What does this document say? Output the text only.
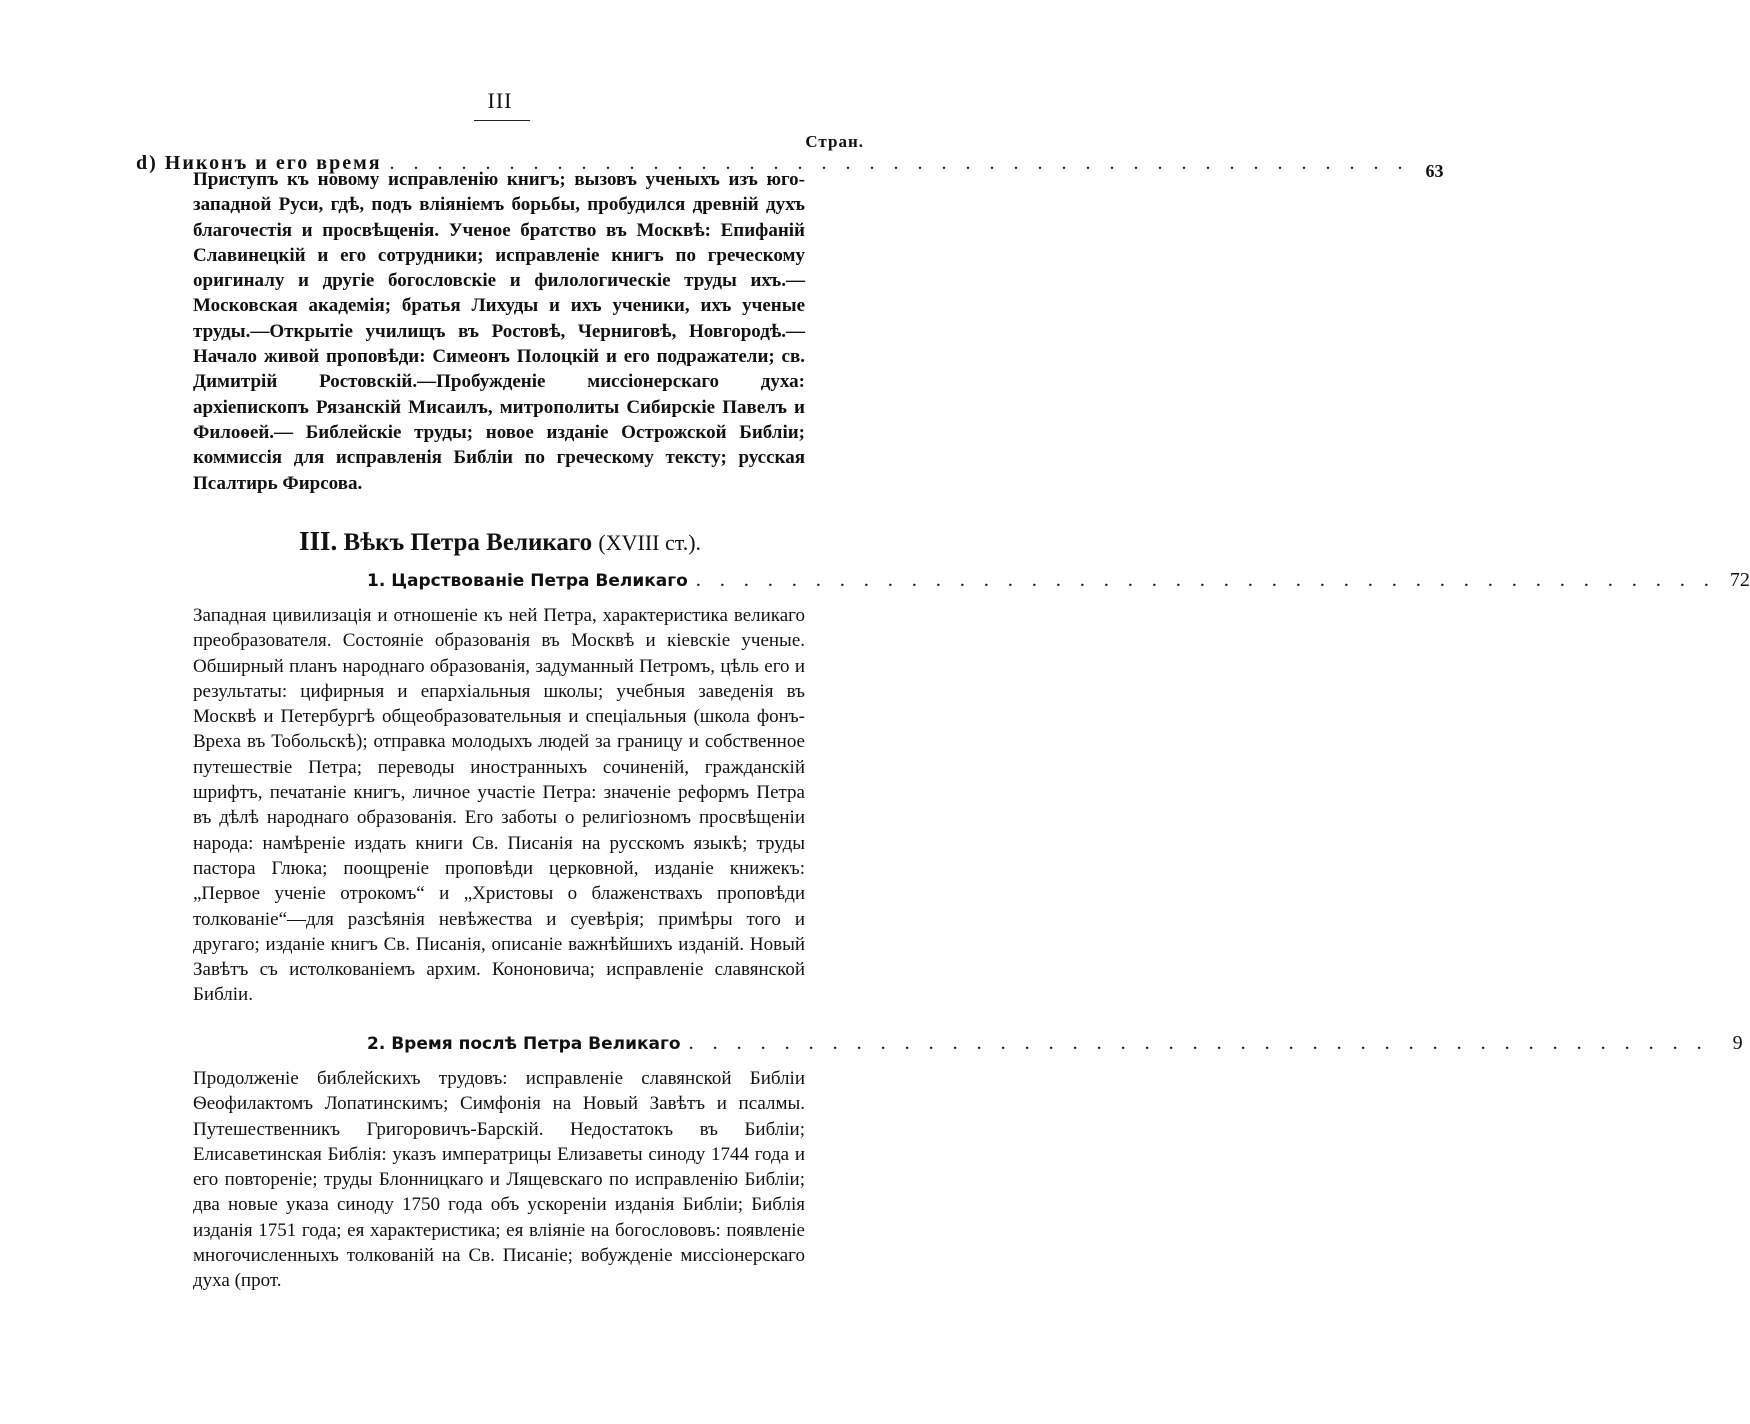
III
Стран.
d) Никонъ и его время . . . . . . . . . . . . . . . . . . . . . . . . . . . . . . . . . . . . . . . . . . . 63

Приступъ къ новому исправленію книгъ; вызовъ ученыхъ изъ юго-западной Руси, гдѣ, подъ вліяніемъ борьбы, пробудился древній духъ благочестія и просвѣщенія. Ученое братство въ Москвѣ: Епифаній Славинецкій и его сотрудники; исправленіе книгъ по греческому оригиналу и другіе богословскіе и филологическіе труды ихъ.—Московская академія; братья Лихуды и ихъ ученики, ихъ ученые труды.—Открытіе училищъ въ Ростовѣ, Черниговѣ, Новгородѣ.—Начало живой проповѣди: Симеонъ Полоцкій и его подражатели; св. Димитрій Ростовскій.—Пробужденіе миссіонерскаго духа: архіепископъ Рязанскій Мисаилъ, митрополиты Сибирскіе Павелъ и Филоѳей.— Библейскіе труды; новое изданіе Острожской Библіи; коммиссія для исправленія Библіи по греческому тексту; русская Псалтирь Фирсова.

III. Вѣкъ Петра Великаго (XVIII ст.).
1. Царствованіе Петра Великаго . . . . . . . . . . . . . . . . . . . . . . . . . . . . . . . . . . . . . . . . . . . 72

Западная цивилизація и отношеніе къ ней Петра, характеристика великаго преобразователя. Состояніе образованія въ Москвѣ и кіевскіе ученые. Обширный планъ народнаго образованія, задуманный Петромъ, цѣль его и результаты: цифирныя и епархіальныя школы; учебныя заведенія въ Москвѣ и Петербургѣ общеобразовательныя и спеціальныя (школа фонъ-Вреха въ Тобольскѣ); отправка молодыхъ людей за границу и собственное путешествіе Петра; переводы иностранныхъ сочиненій, гражданскій шрифтъ, печатаніе книгъ, личное участіе Петра: значеніе реформъ Петра въ дѣлѣ народнаго образованія. Его заботы о религіозномъ просвѣщеніи народа: намѣреніе издать книги Св. Писанія на русскомъ языкѣ; труды пастора Глюка; поощреніе проповѣди церковной, изданіе книжекъ: „Первое ученіе отрокомъ“ и „Христовы о блаженствахъ проповѣди толкованіе“—для разсѣянія невѣжества и суевѣрія; примѣры того и другаго; изданіе книгъ Св. Писанія, описаніе важнѣйшихъ изданій. Новый Завѣтъ съ истолкованіемъ архим. Кононовича; исправленіе славянской Библіи.

2. Время послѣ Петра Великаго . . . . . . . . . . . . . . . . . . . . . . . . . . . . . . . . . . . . . . . . . . .	9

Продолженіе библейскихъ трудовъ: исправленіе славянской Библіи Ѳеофилактомъ Лопатинскимъ; Симфонія на Новый Завѣтъ и псалмы. Путешественникъ Григоровичъ-Барскій. Недостатокъ въ Библіи; Елисаветинская Библія: указъ императрицы Елизаветы синоду 1744 года и его повтореніе; труды Блонницкаго и Лящевскаго по исправленію Библіи; два новые указа синоду 1750 года объ ускореніи изданія Библіи; Библія изданія 1751 года; ея характеристика; ея вліяніе на богослововъ: появленіе многочисленныхъ толкованій на Св. Писаніе; вобужденіе миссіонерскаго духа (прот.
